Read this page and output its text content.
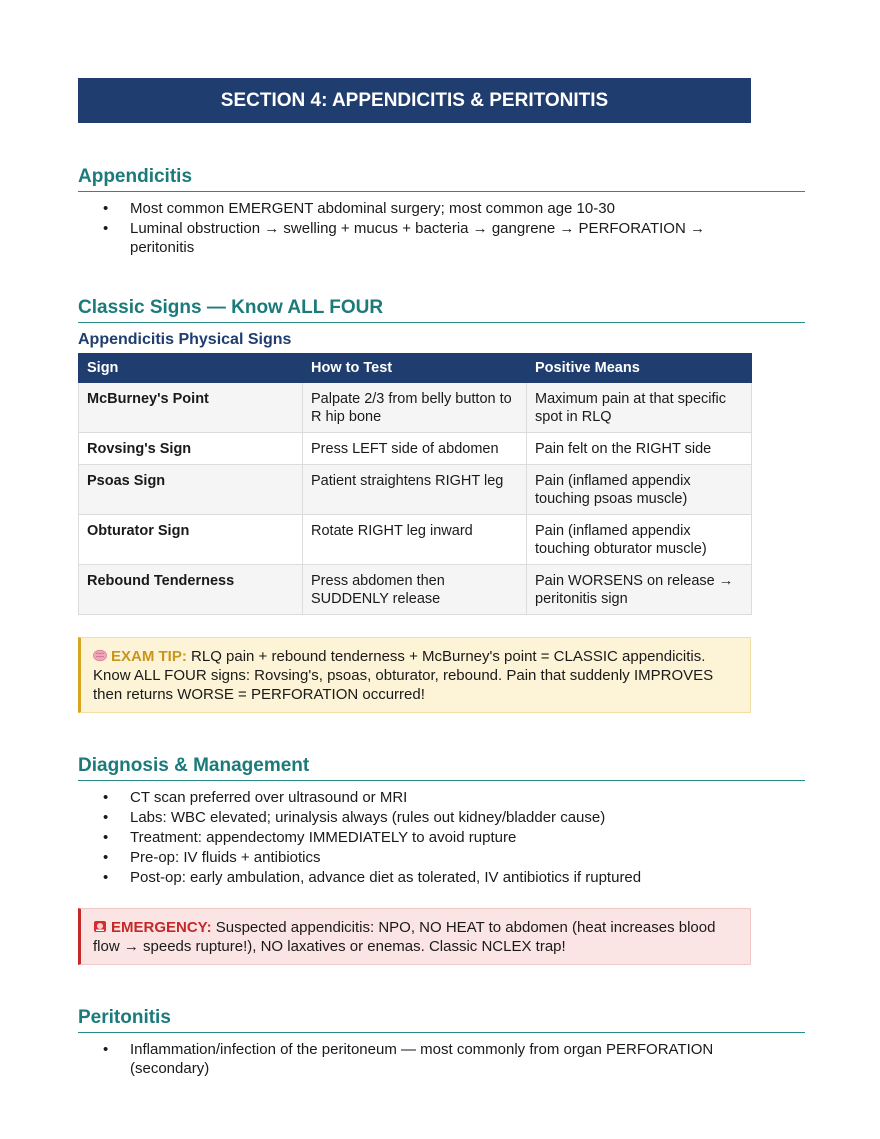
SECTION 4: APPENDICITIS & PERITONITIS
Appendicitis
• Most common EMERGENT abdominal surgery; most common age 10-30
• Luminal obstruction → swelling + mucus + bacteria → gangrene → PERFORATION → peritonitis
Classic Signs — Know ALL FOUR
Appendicitis Physical Signs
Sign	How to Test	Positive Means
McBurney's Point	Palpate 2/3 from belly button to R hip bone	Maximum pain at that specific spot in RLQ
Rovsing's Sign	Press LEFT side of abdomen	Pain felt on the RIGHT side
Psoas Sign	Patient straightens RIGHT leg	Pain (inflamed appendix touching psoas muscle)
Obturator Sign	Rotate RIGHT leg inward	Pain (inflamed appendix touching obturator muscle)
Rebound Tenderness	Press abdomen then SUDDENLY release	Pain WORSENS on release → peritonitis sign
EXAM TIP: RLQ pain + rebound tenderness + McBurney's point = CLASSIC appendicitis. Know ALL FOUR signs: Rovsing's, psoas, obturator, rebound. Pain that suddenly IMPROVES then returns WORSE = PERFORATION occurred!
Diagnosis & Management
• CT scan preferred over ultrasound or MRI
• Labs: WBC elevated; urinalysis always (rules out kidney/bladder cause)
• Treatment: appendectomy IMMEDIATELY to avoid rupture
• Pre-op: IV fluids + antibiotics
• Post-op: early ambulation, advance diet as tolerated, IV antibiotics if ruptured
EMERGENCY: Suspected appendicitis: NPO, NO HEAT to abdomen (heat increases blood flow → speeds rupture!), NO laxatives or enemas. Classic NCLEX trap!
Peritonitis
• Inflammation/infection of the peritoneum — most commonly from organ PERFORATION (secondary)
